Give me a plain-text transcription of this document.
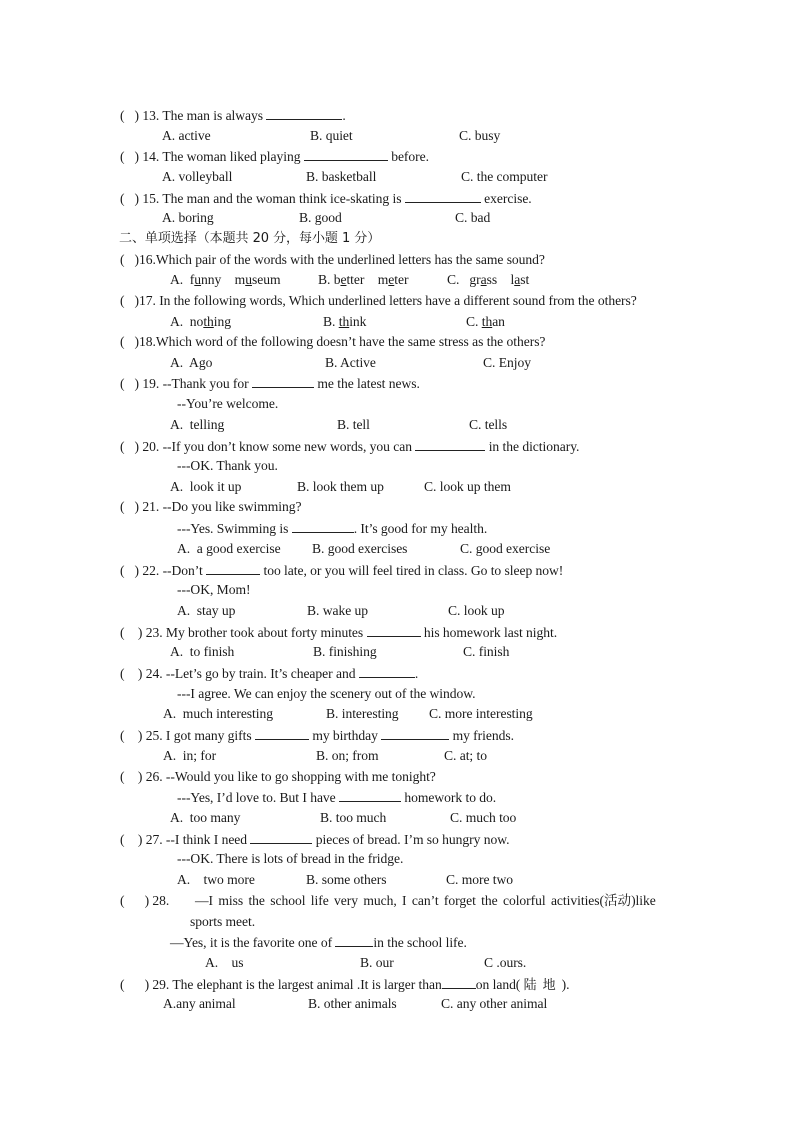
( ) 13. The man is always	.
A. active	B. quiet	C. busy
( ) 14. The woman liked playing	before.
A. volleyball	B. basketball	C. the computer
( ) 15. The man and the woman think ice-skating is	exercise.
A. boring	B. good	C. bad
二、单项选择（本题共 20 分，每小题 1 分）
( )16.Which pair of the words with the underlined letters has the same sound?
A.  funny    museum	B. better    meter	C.   grass    last
( )17. In the following words, Which underlined letters have a different sound from the others?
A.  nothing	B. think	C. than
( )18.Which word of the following doesn’t have the same stress as the others?
A.  Ago	B. Active	C. Enjoy
( ) 19. --Thank you for	me the latest news.
--You’re welcome.
A.  telling	B. tell	C. tells
( ) 20. --If you don’t know some new words, you can	in the dictionary.
---OK. Thank you.
A.  look it up	B. look them up	C. look up them
( ) 21. --Do you like swimming?
---Yes. Swimming is	. It’s good for my health.
A.  a good exercise B. good exercises	C. good exercise
( ) 22. --Don’t	too late, or you will feel tired in class. Go to sleep now!
---OK, Mom!
A.  stay up	B. wake up	C. look up
( ) 23. My brother took about forty minutes	his homework last night.
A.  to finish	B. finishing	C. finish
( ) 24. --Let’s go by train. It’s cheaper and	.
---I agree. We can enjoy the scenery out of the window.
A.  much interesting	B. interesting C. more interesting
( ) 25. I got many gifts	my birthday	my friends.
A.  in; for	B. on; from	C. at; to
( ) 26. --Would you like to go shopping with me tonight?
---Yes, I’d love to. But I have	homework to do.
A.  too many	B. too much	C. much too
( ) 27. --I think I need	pieces of bread. I’m so hungry now.
---OK. There is lots of bread in the fridge.
A.    two more	B. some others	C. more two
( ) 28. —I miss the school life very much, I can’t forget the colorful activities(活动)like
sports meet.
—Yes, it is the favorite one of	in the school life.
A.    us	B. our	C .ours.
( ) 29. The elephant is the largest animal .It is larger than	on land( 陆地).
A.any animal	B. other animals	C. any other animal
